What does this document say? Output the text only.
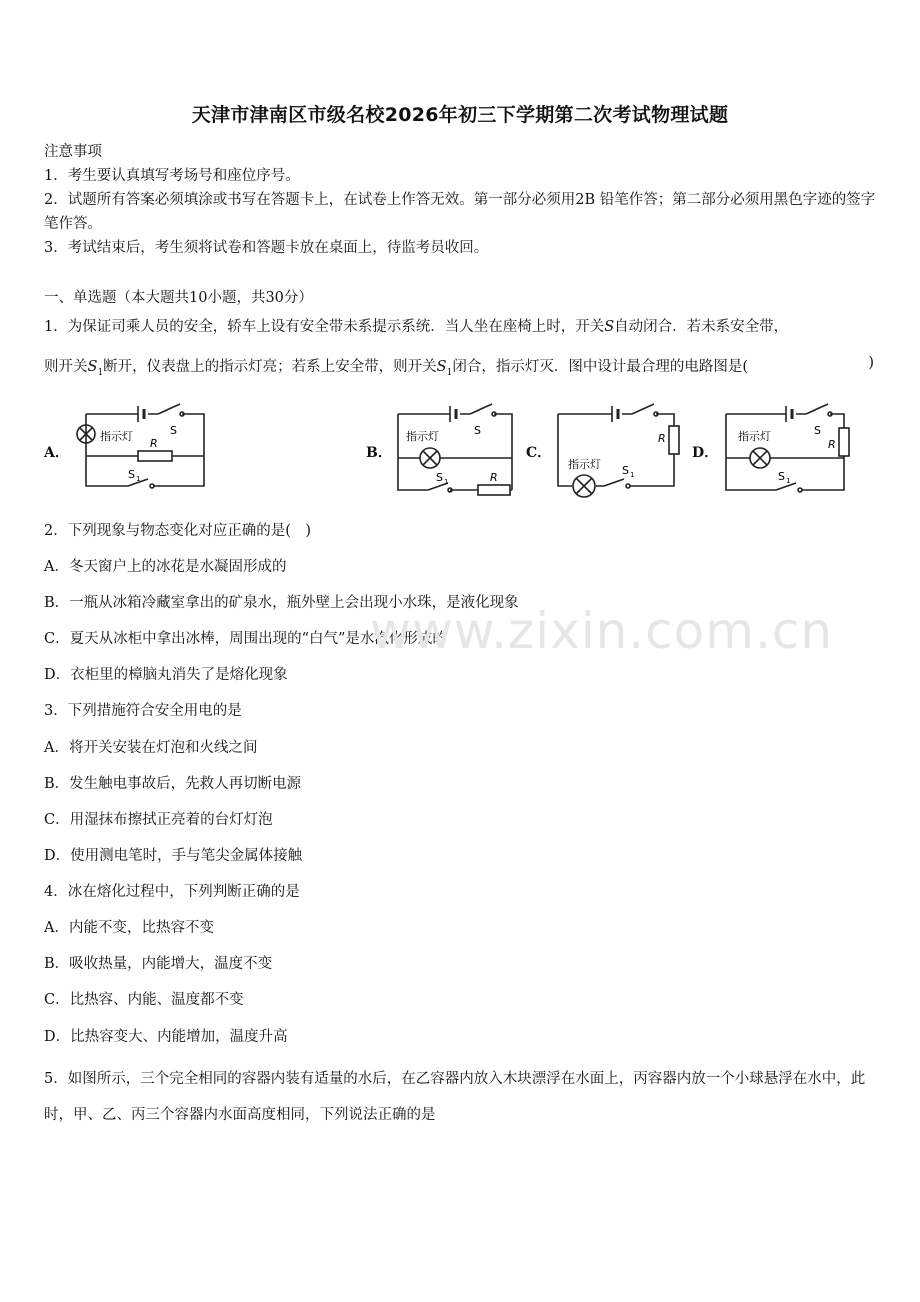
天津市津南区市级名校2026年初三下学期第二次考试物理试题
注意事项
1．考生要认真填写考场号和座位序号。
2．试题所有答案必须填涂或书写在答题卡上，在试卷上作答无效。第一部分必须用2B 铅笔作答；第二部分必须用黑色字迹的签字笔作答。
3．考试结束后，考生须将试卷和答题卡放在桌面上，待监考员收回。
一、单选题（本大题共10小题，共30分）
1．为保证司乘人员的安全，轿车上设有安全带未系提示系统．当人坐在座椅上时，开关S自动闭合．若未系安全带，
则开关$S_1$断开，仪表盘上的指示灯亮；若系上安全带，则开关$S_1$闭合，指示灯灭．图中设计最合理的电路图是(	)
A．	B．	C．	D．
指示灯	S
R
S 1
指示灯	S
S 1	R
指示灯
R
S 1
指示灯	S
R
S 1
2．下列现象与物态变化对应正确的是(　)
A．冬天窗户上的冰花是水凝固形成的
B．一瓶从冰箱冷藏室拿出的矿泉水，瓶外壁上会出现小水珠，是液化现象
C．夏天从冰柜中拿出冰棒，周围出现的“白气”是水汽化形成的
D．衣柜里的樟脑丸消失了是熔化现象
3．下列措施符合安全用电的是
A．将开关安装在灯泡和火线之间
B．发生触电事故后，先救人再切断电源
C．用湿抹布擦拭正亮着的台灯灯泡
D．使用测电笔时，手与笔尖金属体接触
4．冰在熔化过程中，下列判断正确的是
A．内能不变，比热容不变
B．吸收热量，内能增大，温度不变
C．比热容、内能、温度都不变
D．比热容变大、内能增加，温度升高
5．如图所示，三个完全相同的容器内装有适量的水后，在乙容器内放入木块漂浮在水面上，丙容器内放一个小球悬浮在水中，此时，甲、乙、丙三个容器内水面高度相同，下列说法正确的是
www.zixin.com.cn
